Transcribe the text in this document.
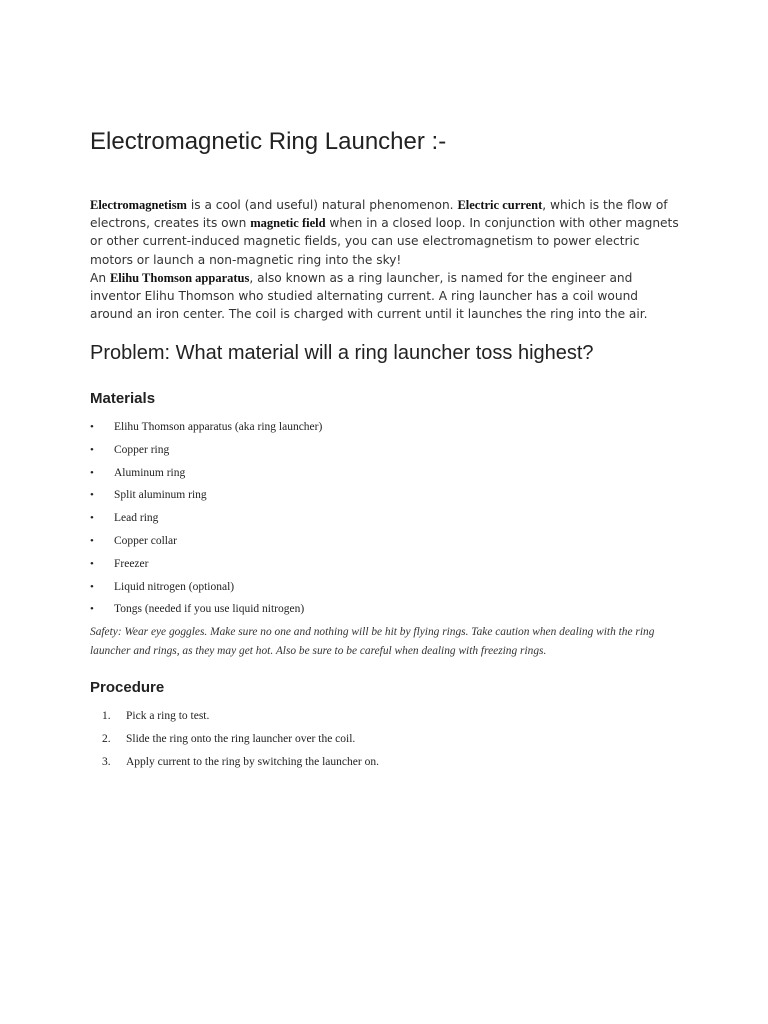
Electromagnetic Ring Launcher :-

Electromagnetism is a cool (and useful) natural phenomenon. Electric current, which is the flow of electrons, creates its own magnetic field when in a closed loop. In conjunction with other magnets or other current-induced magnetic fields, you can use electromagnetism to power electric motors or launch a non-magnetic ring into the sky!

An Elihu Thomson apparatus, also known as a ring launcher, is named for the engineer and inventor Elihu Thomson who studied alternating current. A ring launcher has a coil wound around an iron center. The coil is charged with current until it launches the ring into the air.

Problem: What material will a ring launcher toss highest?
Materials
• Elihu Thomson apparatus (aka ring launcher)
• Copper ring
• Aluminum ring
• Split aluminum ring
• Lead ring
• Copper collar
• Freezer
• Liquid nitrogen (optional)
• Tongs (needed if you use liquid nitrogen)

Safety: Wear eye goggles. Make sure no one and nothing will be hit by flying rings. Take caution when dealing with the ring launcher and rings, as they may get hot. Also be sure to be careful when dealing with freezing rings.

Procedure
1. Pick a ring to test.
2. Slide the ring onto the ring launcher over the coil.
3. Apply current to the ring by switching the launcher on.
